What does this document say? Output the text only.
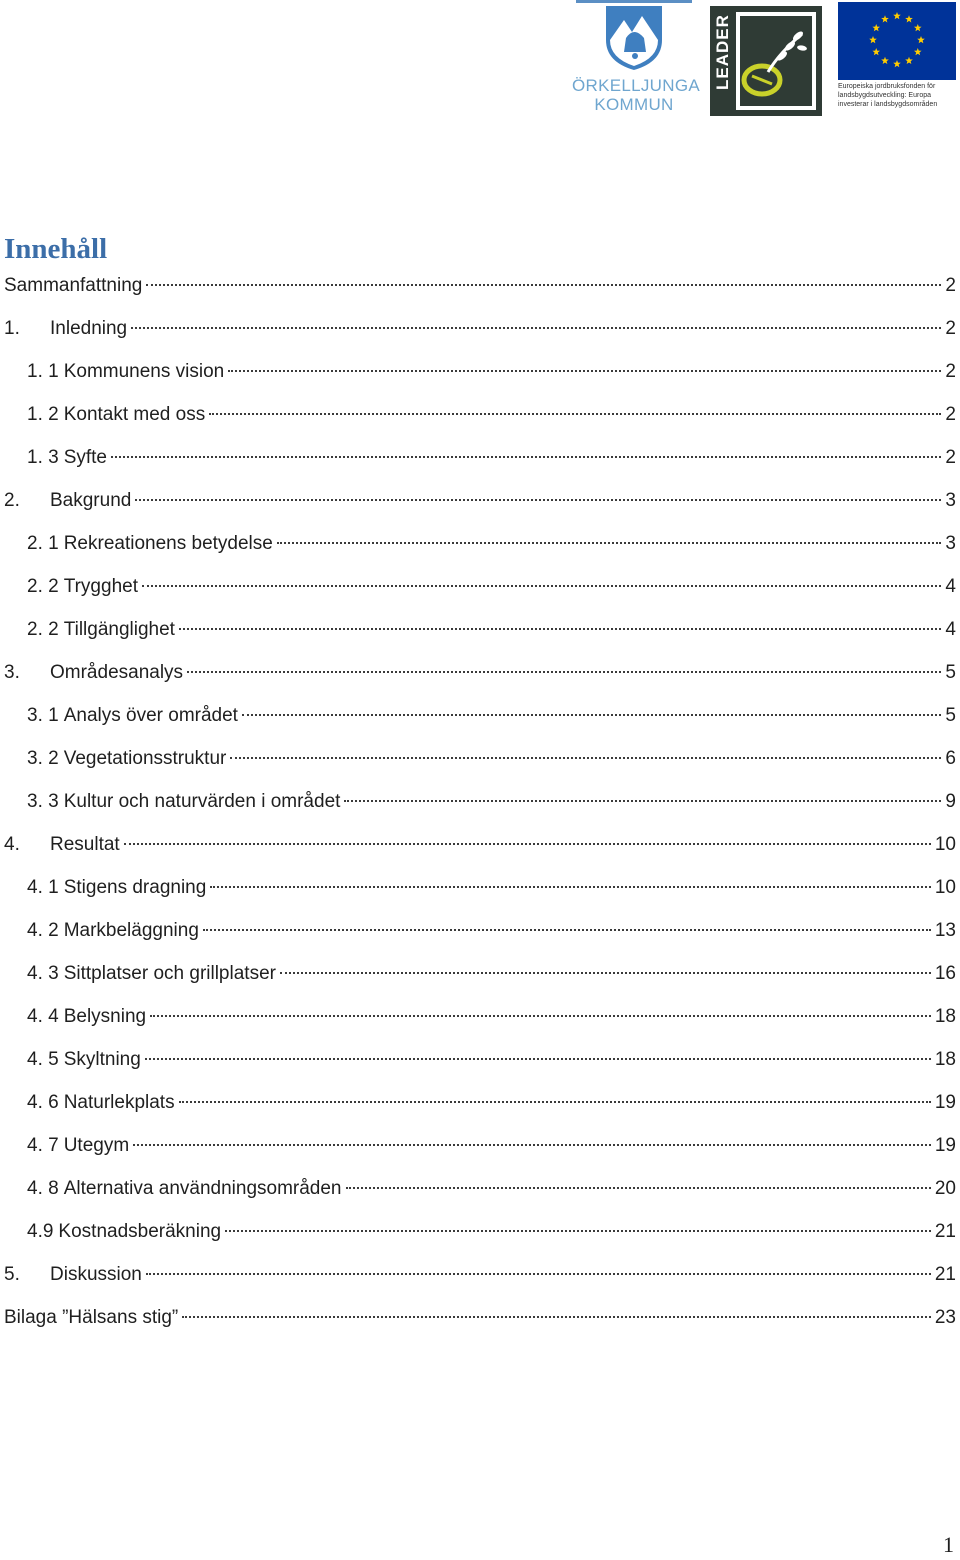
ÖRKELLJUNGA
KOMMUN
LEADER	Europeiska jordbruksfonden för
landsbygdsutveckling: Europa
investerar i landsbygdsområden
Innehåll
Sammanfattning	2
1.	Inledning	2
1. 1 Kommunens vision	2
1. 2 Kontakt med oss	2
1. 3 Syfte	2
2.	Bakgrund	3
2. 1 Rekreationens betydelse	3
2. 2 Trygghet	4
2. 2 Tillgänglighet	4
3.	Områdesanalys	5
3. 1 Analys över området	5
3. 2 Vegetationsstruktur	6
3. 3 Kultur och naturvärden i området	9
4.	Resultat	10
4. 1 Stigens dragning	10
4. 2 Markbeläggning	13
4. 3 Sittplatser och grillplatser	16
4. 4 Belysning	18
4. 5 Skyltning	18
4. 6 Naturlekplats	19
4. 7 Utegym	19
4. 8 Alternativa användningsområden	20
4.9 Kostnadsberäkning	21
5.	Diskussion	21
Bilaga ”Hälsans stig”	23
1
